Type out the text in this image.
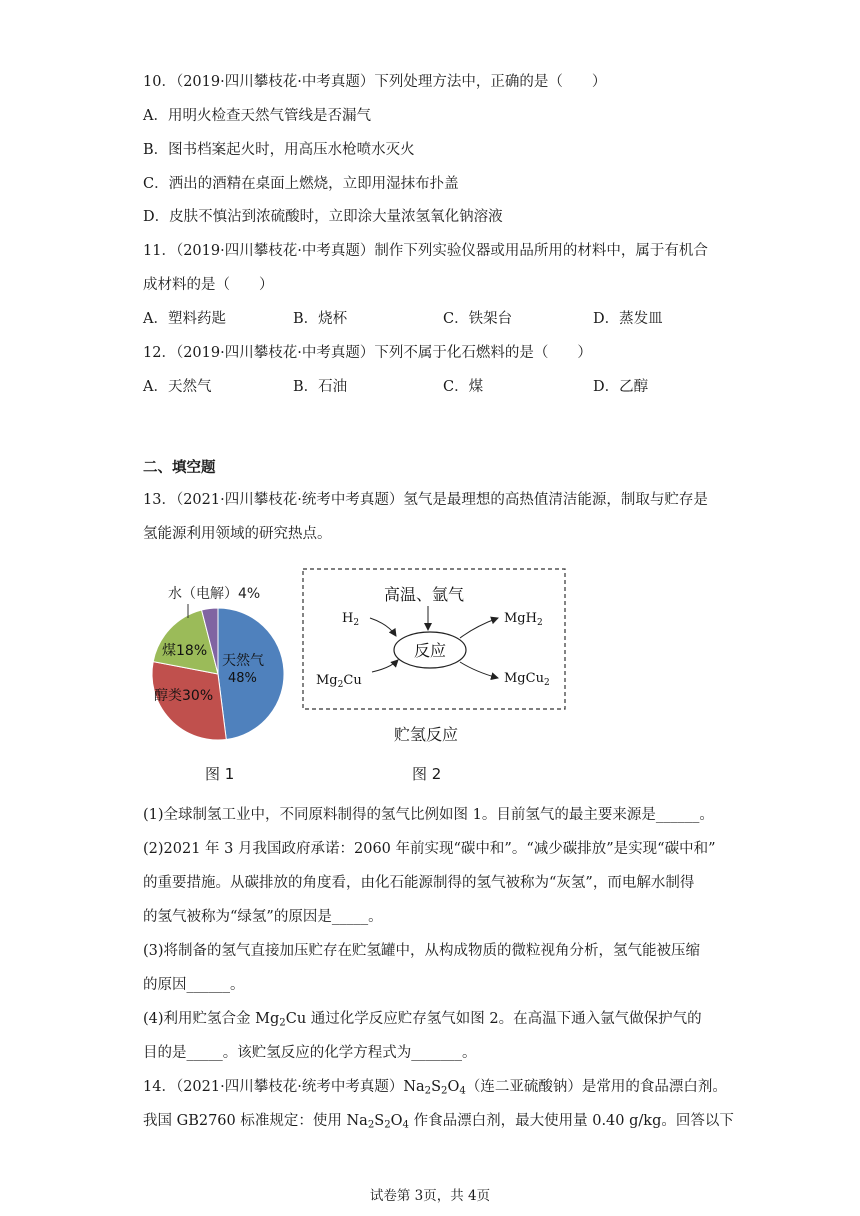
10．（2019·四川攀枝花·中考真题）下列处理方法中，正确的是（　　）
A．用明火检查天然气管线是否漏气
B．图书档案起火时，用高压水枪喷水灭火
C．洒出的酒精在桌面上燃烧，立即用湿抹布扑盖
D．皮肤不慎沾到浓硫酸时，立即涂大量浓氢氧化钠溶液
11．（2019·四川攀枝花·中考真题）制作下列实验仪器或用品所用的材料中，属于有机合
成材料的是（　　）
A．塑料药匙	B．烧杯	C．铁架台	D．蒸发皿
12．（2019·四川攀枝花·中考真题）下列不属于化石燃料的是（　　）
A．天然气	B．石油	C．煤	D．乙醇
二、填空题
13．（2021·四川攀枝花·统考中考真题）氢气是最理想的高热值清洁能源，制取与贮存是
氢能源利用领域的研究热点。
水（电解）4%
天然气
48%
醇类30%
煤18%
图 1
高温、氩气
反应
$H_2$
$Mg_2Cu$
MgH$_2$
MgCu$_2$
贮氢反应
图 2
(1)全球制氢工业中，不同原料制得的氢气比例如图 1。目前氢气的最主要来源是______。
(2)2021 年 3 月我国政府承诺：2060 年前实现“碳中和”。“减少碳排放”是实现“碳中和”
的重要措施。从碳排放的角度看，由化石能源制得的氢气被称为“灰氢”，而电解水制得
的氢气被称为“绿氢”的原因是_____。
(3)将制备的氢气直接加压贮存在贮氢罐中，从构成物质的微粒视角分析，氢气能被压缩
的原因______。
(4)利用贮氢合金 $Mg_2Cu$ 通过化学反应贮存氢气如图 2。在高温下通入氩气做保护气的
目的是_____。该贮氢反应的化学方程式为_______。
14．（2021·四川攀枝花·统考中考真题）$Na_2S_2O_4$（连二亚硫酸钠）是常用的食品漂白剂。
我国 GB2760 标准规定：使用 $Na_2S_2O_4$ 作食品漂白剂，最大使用量 0.40 g/kg。回答以下
试卷第 3页，共 4页
